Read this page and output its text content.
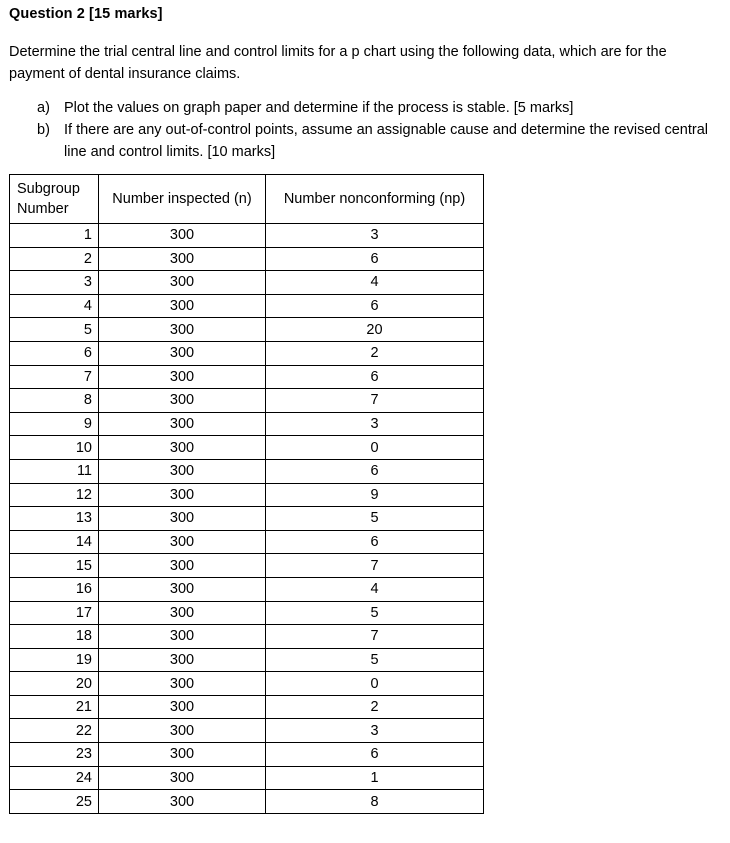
Question 2 [15 marks]
Determine the trial central line and control limits for a p chart using the following data, which are for the
payment of dental insurance claims.
a) Plot the values on graph paper and determine if the process is stable. [5 marks]
b) If there are any out-of-control points, assume an assignable cause and determine the revised central line and control limits. [10 marks]
Subgroup
Number	Number inspected (n)	Number nonconforming (np)
1	300	3
2	300	6
3	300	4
4	300	6
5	300	20
6	300	2
7	300	6
8	300	7
9	300	3
10	300	0
11	300	6
12	300	9
13	300	5
14	300	6
15	300	7
16	300	4
17	300	5
18	300	7
19	300	5
20	300	0
21	300	2
22	300	3
23	300	6
24	300	1
25	300	8
